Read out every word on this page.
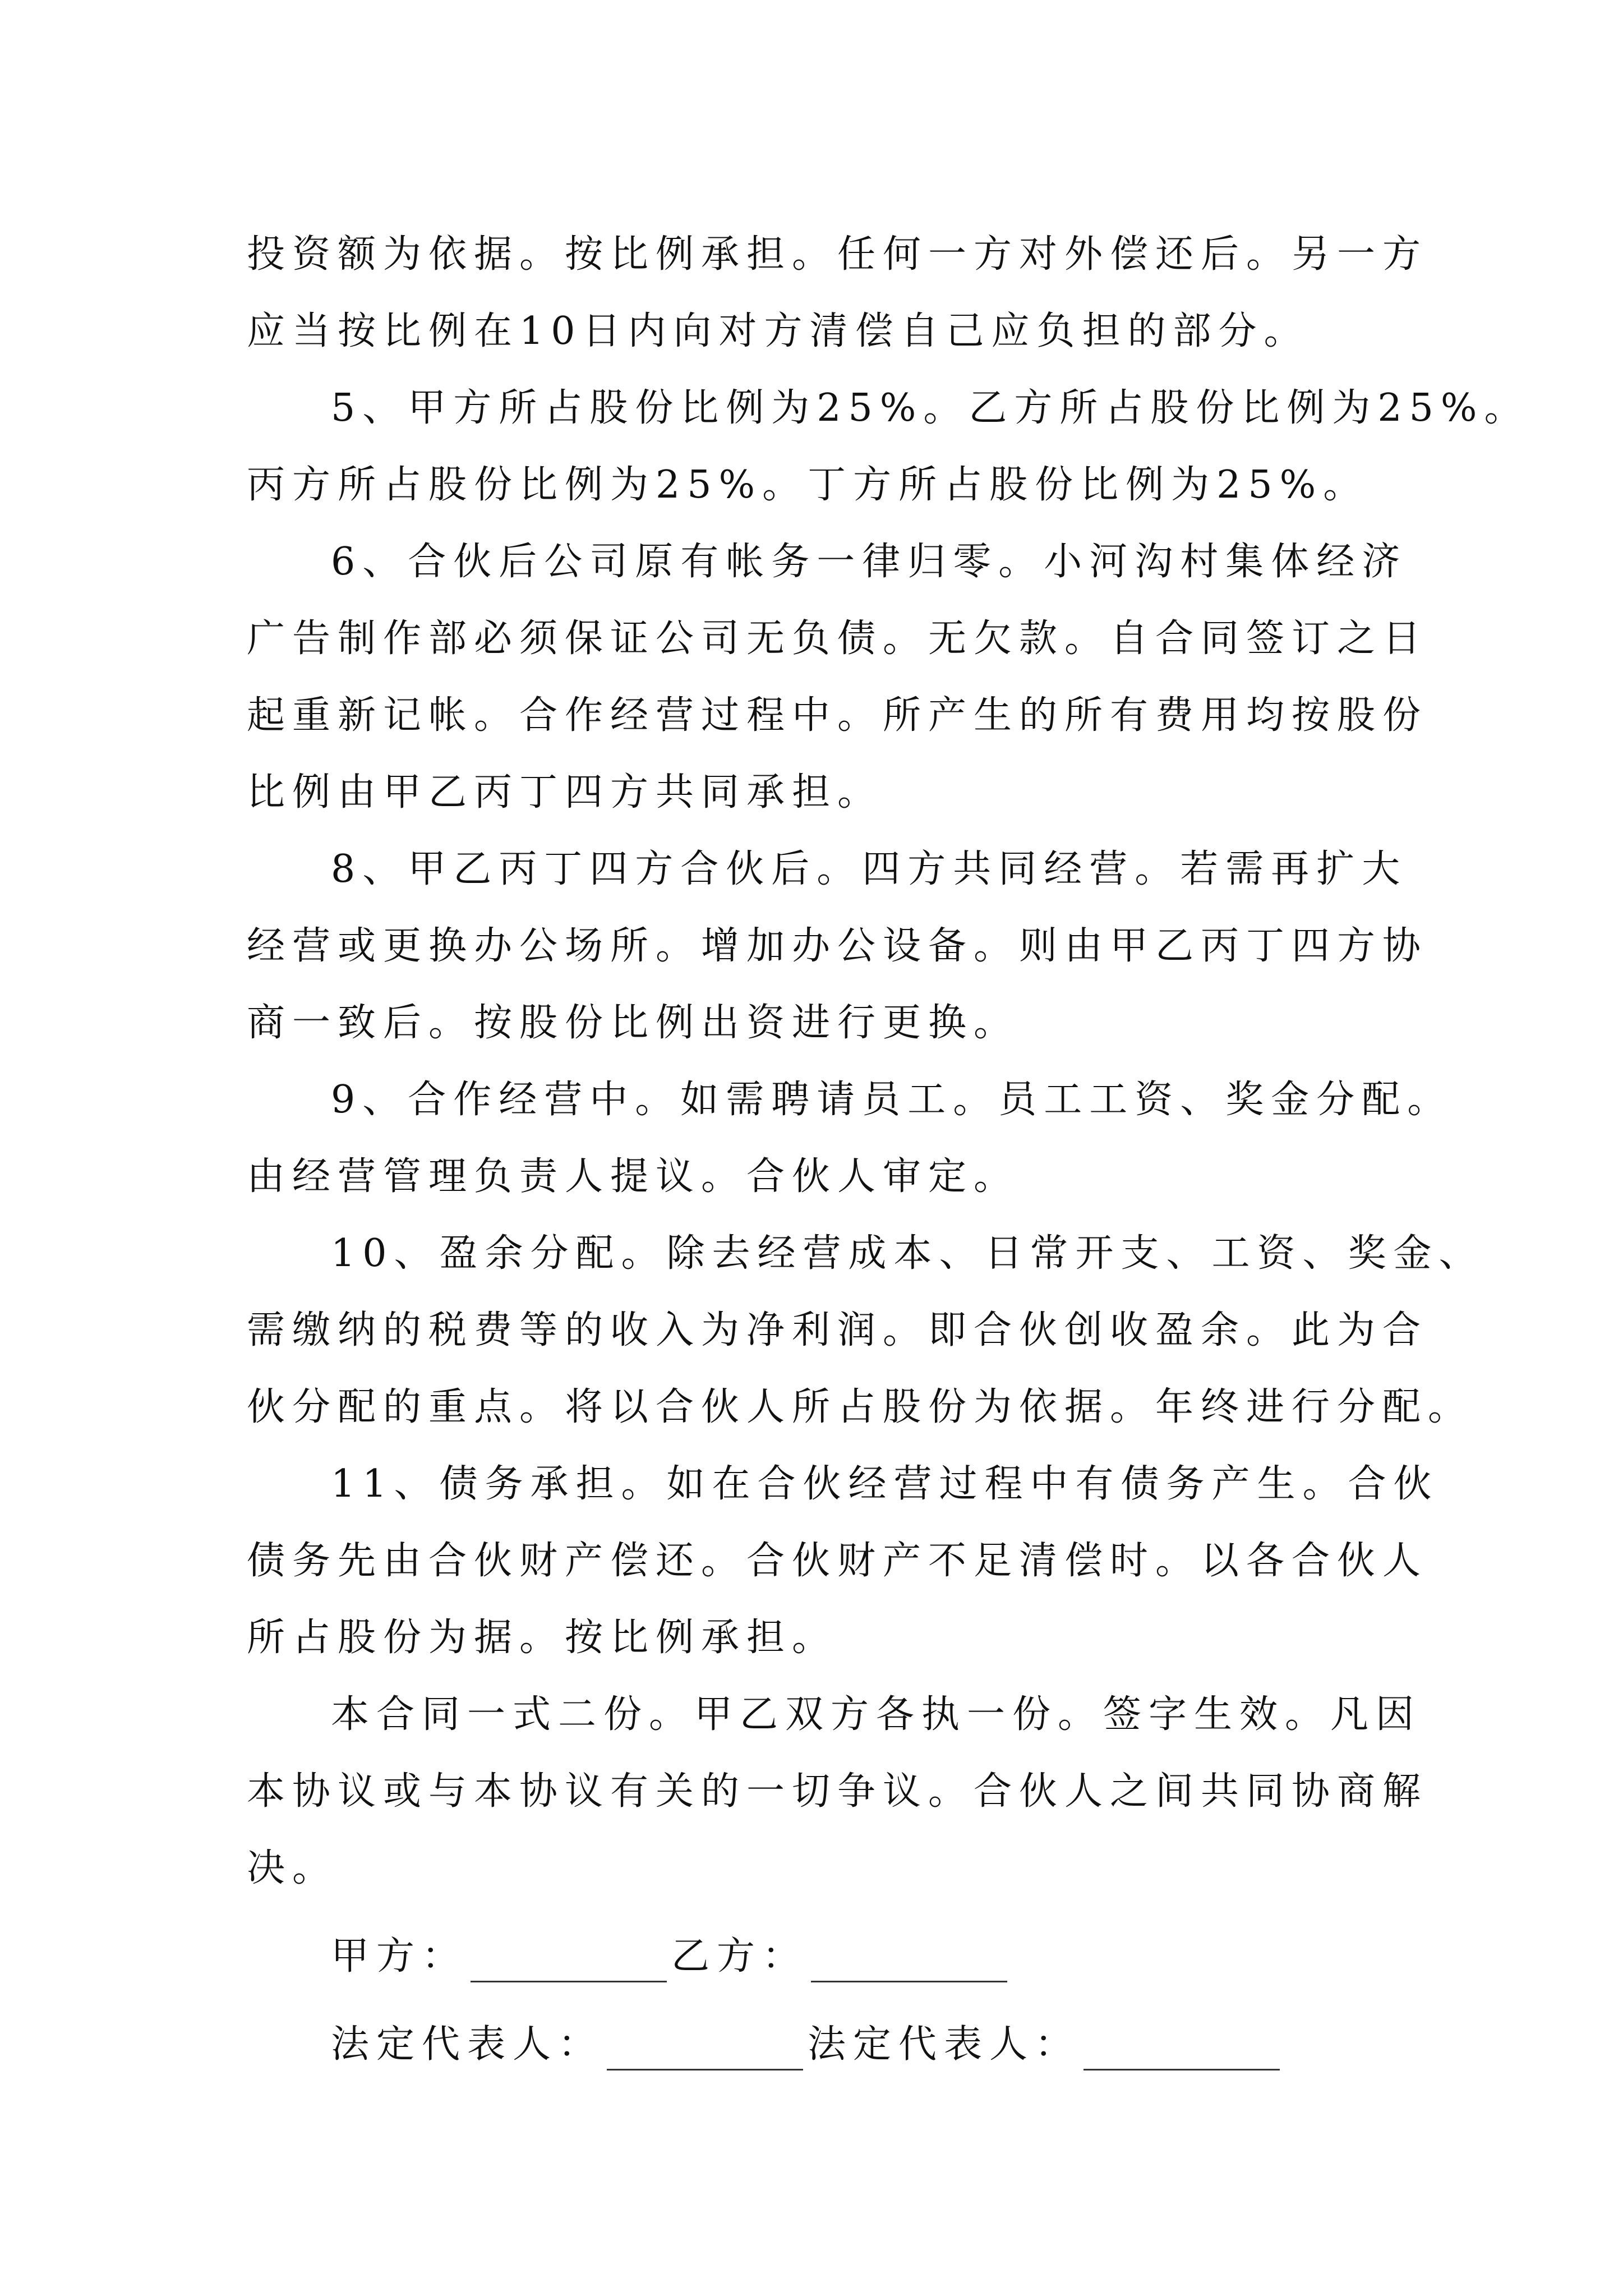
投资额为依据。按比例承担。任何一方对外偿还后。另一方
应当按比例在10日内向对方清偿自己应负担的部分。
5、甲方所占股份比例为25%。乙方所占股份比例为25%。
丙方所占股份比例为25%。丁方所占股份比例为25%。
6、合伙后公司原有帐务一律归零。小河沟村集体经济
广告制作部必须保证公司无负债。无欠款。自合同签订之日
起重新记帐。合作经营过程中。所产生的所有费用均按股份
比例由甲乙丙丁四方共同承担。
8、甲乙丙丁四方合伙后。四方共同经营。若需再扩大
经营或更换办公场所。增加办公设备。则由甲乙丙丁四方协
商一致后。按股份比例出资进行更换。
9、合作经营中。如需聘请员工。员工工资、奖金分配。
由经营管理负责人提议。合伙人审定。
10、盈余分配。除去经营成本、日常开支、工资、奖金、
需缴纳的税费等的收入为净利润。即合伙创收盈余。此为合
伙分配的重点。将以合伙人所占股份为依据。年终进行分配。
11、债务承担。如在合伙经营过程中有债务产生。合伙
债务先由合伙财产偿还。合伙财产不足清偿时。以各合伙人
所占股份为据。按比例承担。
本合同一式二份。甲乙双方各执一份。签字生效。凡因
本协议或与本协议有关的一切争议。合伙人之间共同协商解
决。
甲方：	乙方：
法定代表人：	法定代表人：
